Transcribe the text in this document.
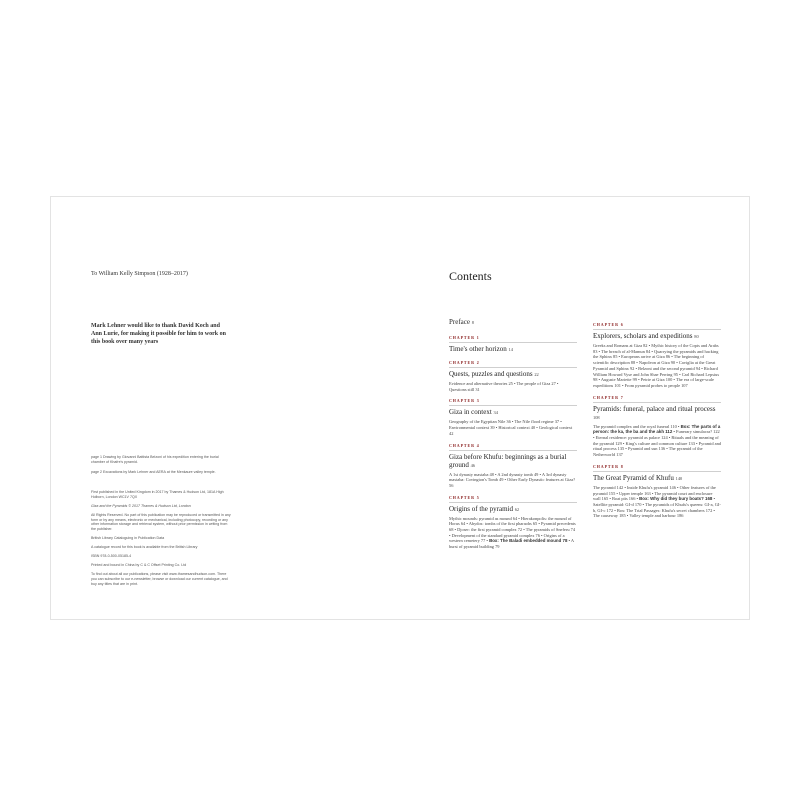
To William Kelly Simpson (1928–2017)
Mark Lehner would like to thank David Koch and Ann Lurie, for making it possible for him to work on this book over many years

page 1 Drawing by Giovanni Battista Belzoni of his expedition entering the burial chamber of Khafre's pyramid.

page 2 Excavations by Mark Lehner and AERA at the Menkaure valley temple.

First published in the United Kingdom in 2017 by Thames & Hudson Ltd, 181A High Holborn, London WC1V 7QX

Giza and the Pyramids © 2017 Thames & Hudson Ltd, London

All Rights Reserved. No part of this publication may be reproduced or transmitted in any form or by any means, electronic or mechanical, including photocopy, recording or any other information storage and retrieval system, without prior permission in writing from the publisher.

British Library Cataloguing in Publication Data

A catalogue record for this book is available from the British Library

ISBN 978-0-500-05185-4

Printed and bound in China by C & C Offset Printing Co. Ltd

To find out about all our publications, please visit www.thamesandhudson.com. There you can subscribe to our e-newsletter, browse or download our current catalogue, and buy any titles that are in print.

Contents
Preface 8
CHAPTER 1
Time's other horizon 14
CHAPTER 2
Quests, puzzles and questions 22
Evidence and alternative theories 25 • The people of Giza 27 • Questions still 31
CHAPTER 3
Giza in context 34
Geography of the Egyptian Nile 36 • The Nile flood regime 37 • Environmental context 39 • Historical context 40 • Geological context 42
CHAPTER 4
Giza before Khufu: beginnings as a burial ground 46
A 1st dynasty mastaba 48 • A 2nd dynasty tomb 49 • A 3rd dynasty mastaba: Covington's Tomb 49 • Other Early Dynastic features at Giza? 56
CHAPTER 5
Origins of the pyramid 62
Mythic mounds: pyramid as mound 64 • Hierakonpolis: the mound of Horus 64 • Abydos: tombs of the first pharaohs 65 • Pyramid precedents 68 • Djoser: the first pyramid complex 72 • The pyramids of Sneferu 74 • Development of the standard pyramid complex 76 • Origins of a western cemetery 77 • Box: The Baladi embedded mound 78 • A burst of pyramid building 79
CHAPTER 6
Explorers, scholars and expeditions 80
Greeks and Romans at Giza 82 • Mythic history of the Copts and Arabs 83 • The breach of al-Mamun 84 • Quarrying the pyramids and hacking the Sphinx 85 • Europeans arrive at Giza 86 • The beginning of scientific description 88 • Napoleon at Giza 90 • Caviglia at the Great Pyramid and Sphinx 92 • Belzoni and the second pyramid 94 • Richard William Howard Vyse and John Shae Perring 95 • Carl Richard Lepsius 98 • Auguste Mariette 99 • Petrie at Giza 100 • The era of large-scale expeditions 101 • From pyramid probes to people 107
CHAPTER 7
Pyramids: funeral, palace and ritual process 108
The pyramid complex and the royal funeral 110 • Box: The parts of a person: the ka, the ba and the akh 112 • Funerary simulacra? 122 • Eternal residence: pyramid as palace 124 • Rituals and the meaning of the pyramid 129 • King's culture and common culture 133 • Pyramid and ritual process 135 • Pyramid and sun 136 • The pyramid of the Netherworld 137
CHAPTER 8
The Great Pyramid of Khufu 140
The pyramid 142 • Inside Khufu's pyramid 146 • Other features of the pyramid 155 • Upper temple 163 • The pyramid court and enclosure wall 165 • Boat pits 166 • Box: Why did they bury boats? 168 • Satellite pyramid: GI-d 170 • The pyramids of Khufu's queens: GI-a, GI-b, GI-c 172 • Box: The Trial Passages: Khufu's secret chambers 172 • The causeway 185 • Valley temple and harbour 186
